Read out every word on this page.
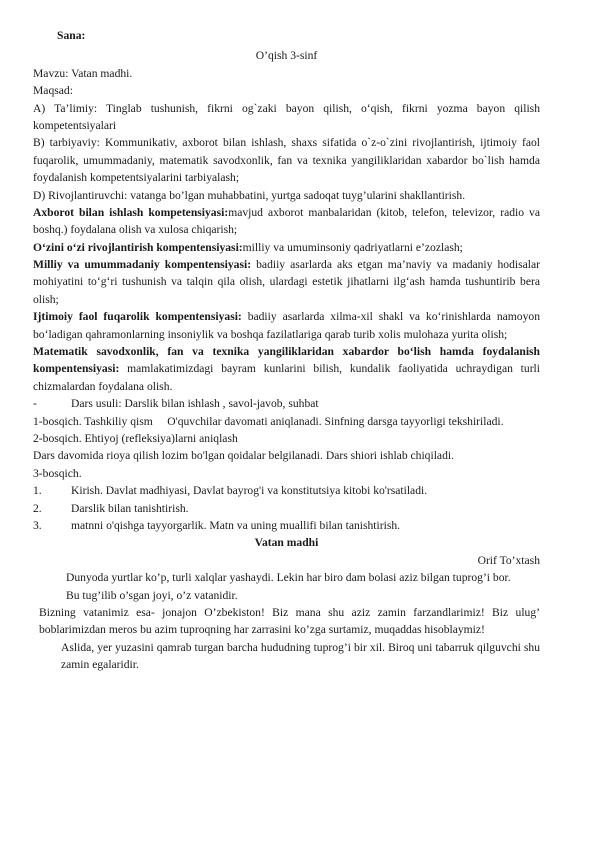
Sana:

O’qish 3-sinf

Mavzu: Vatan madhi.

Maqsad:

A) Ta’limiy: Tinglab tushunish, fikrni og`zaki bayon qilish, o‘qish, fikrni yozma bayon qilish kompetentsiyalari

B) tarbiyaviy: Kommunikativ, axborot bilan ishlash, shaxs sifatida o`z-o`zini rivojlantirish, ijtimoiy faol fuqarolik, umummadaniy, matematik savodxonlik, fan va texnika yangiliklaridan xabardor bo`lish hamda foydalanish kompetentsiyalarini tarbiyalash;

D) Rivojlantiruvchi: vatanga bo’lgan muhabbatini, yurtga sadoqat tuyg’ularini shakllantirish.

Axborot bilan ishlash kompetensiyasi:mavjud axborot manbalaridan (kitob, telefon, televizor, radio va boshq.) foydalana olish va xulosa chiqarish;

O‘zini o‘zi rivojlantirish kompentensiyasi:milliy va umuminsoniy qadriyatlarni e’zozlash;

Milliy va umummadaniy kompentensiyasi: badiiy asarlarda aks etgan ma’naviy va madaniy hodisalar mohiyatini to‘g‘ri tushunish va talqin qila olish, ulardagi estetik jihatlarni ilg‘ash hamda tushuntirib bera olish;

Ijtimoiy faol fuqarolik kompentensiyasi: badiiy asarlarda xilma-xil shakl va ko‘rinishlarda namoyon bo‘ladigan qahramonlarning insoniylik va boshqa fazilatlariga qarab turib xolis mulohaza yurita olish;

Matematik savodxonlik, fan va texnika yangiliklaridan xabardor bo‘lish hamda foydalanish kompentensiyasi: mamlakatimizdagi bayram kunlarini bilish, kundalik faoliyatida uchraydigan turli chizmalardan foydalana olish.

-	Dars usuli: Darslik bilan ishlash , savol-javob, suhbat

1-bosqich. Tashkiliy qism O'quvchilar davomati aniqlanadi. Sinfning darsga tayyorligi tekshiriladi.

2-bosqich. Ehtiyoj (refleksiya)larni aniqlash

Dars davomida rioya qilish lozim bo'lgan qoidalar belgilanadi. Dars shiori ishlab chiqiladi.

3-bosqich.

1.	Kirish. Davlat madhiyasi, Davlat bayrog'i va konstitutsiya kitobi ko'rsatiladi.
2.	Darslik bilan tanishtirish.
3.	matnni o'qishga tayyorgarlik. Matn va uning muallifi bilan tanishtirish.

Vatan madhi

Orif To’xtash

Dunyoda yurtlar ko’p, turli xalqlar yashaydi. Lekin har biro dam bolasi aziz bilgan tuprog’i bor.

Bu tug’ilib o’sgan joyi, o’z vatanidir.

Bizning vatanimiz esa- jonajon O’zbekiston! Biz mana shu aziz zamin farzandlarimiz! Biz ulug’ boblarimizdan meros bu azim tuproqning har zarrasini ko’zga surtamiz, muqaddas hisoblaymiz!

Aslida, yer yuzasini qamrab turgan barcha hududning tuprog’i bir xil. Biroq uni tabarruk qilguvchi shu zamin egalaridir.
